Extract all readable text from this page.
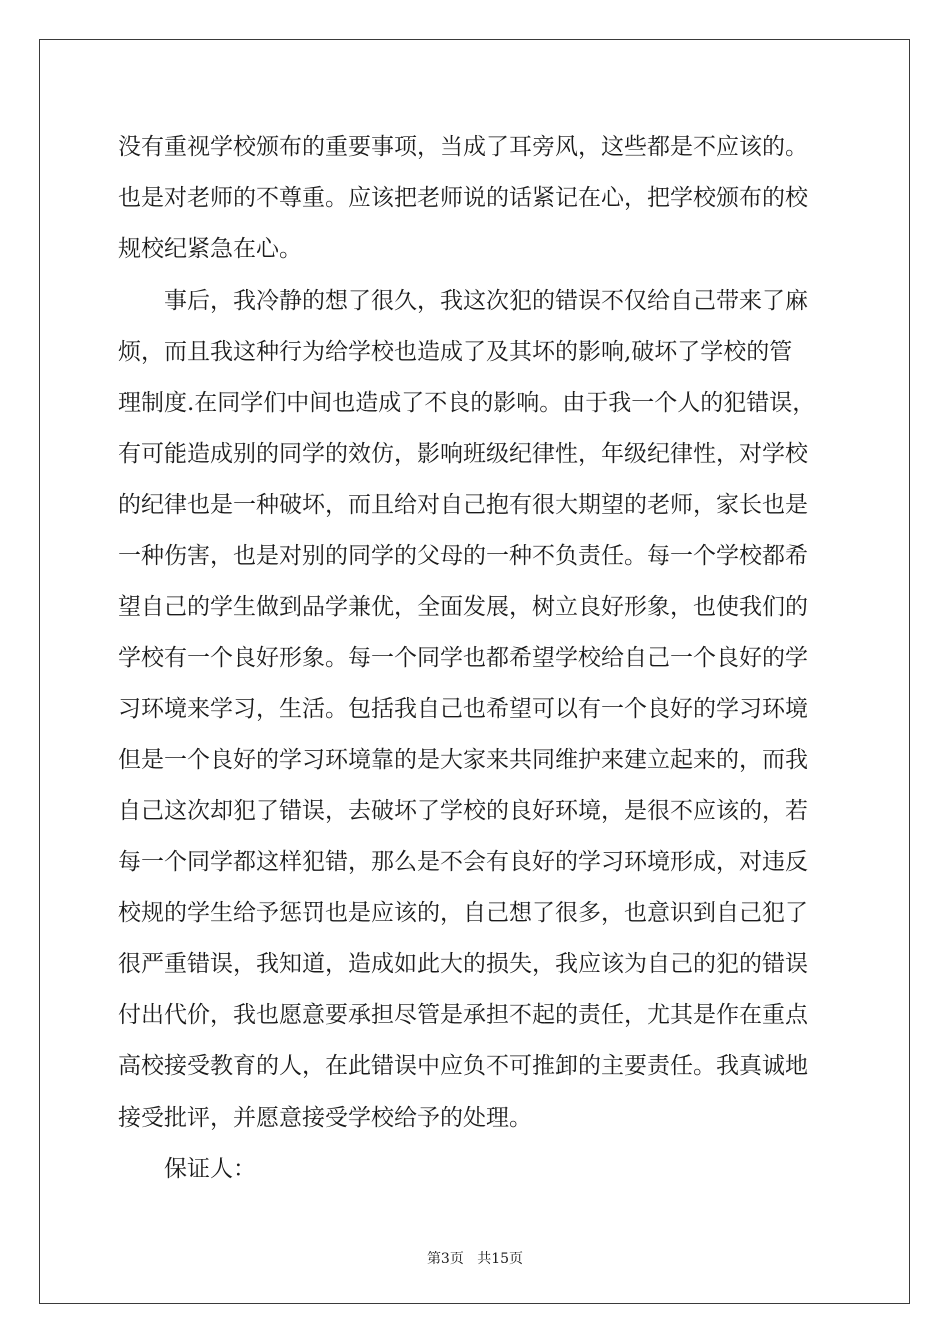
没有重视学校颁布的重要事项，当成了耳旁风，这些都是不应该的。
也是对老师的不尊重。应该把老师说的话紧记在心，把学校颁布的校
规校纪紧急在心。
事后，我冷静的想了很久，我这次犯的错误不仅给自己带来了麻
烦，而且我这种行为给学校也造成了及其坏的影响,破坏了学校的管
理制度.在同学们中间也造成了不良的影响。由于我一个人的犯错误，
有可能造成别的同学的效仿，影响班级纪律性，年级纪律性，对学校
的纪律也是一种破坏，而且给对自己抱有很大期望的老师，家长也是
一种伤害，也是对别的同学的父母的一种不负责任。每一个学校都希
望自己的学生做到品学兼优，全面发展，树立良好形象，也使我们的
学校有一个良好形象。每一个同学也都希望学校给自己一个良好的学
习环境来学习，生活。包括我自己也希望可以有一个良好的学习环境
但是一个良好的学习环境靠的是大家来共同维护来建立起来的，而我
自己这次却犯了错误，去破坏了学校的良好环境，是很不应该的，若
每一个同学都这样犯错，那么是不会有良好的学习环境形成，对违反
校规的学生给予惩罚也是应该的，自己想了很多，也意识到自己犯了
很严重错误，我知道，造成如此大的损失，我应该为自己的犯的错误
付出代价，我也愿意要承担尽管是承担不起的责任，尤其是作在重点
高校接受教育的人，在此错误中应负不可推卸的主要责任。我真诚地
接受批评，并愿意接受学校给予的处理。
保证人：
第3页 共15页
